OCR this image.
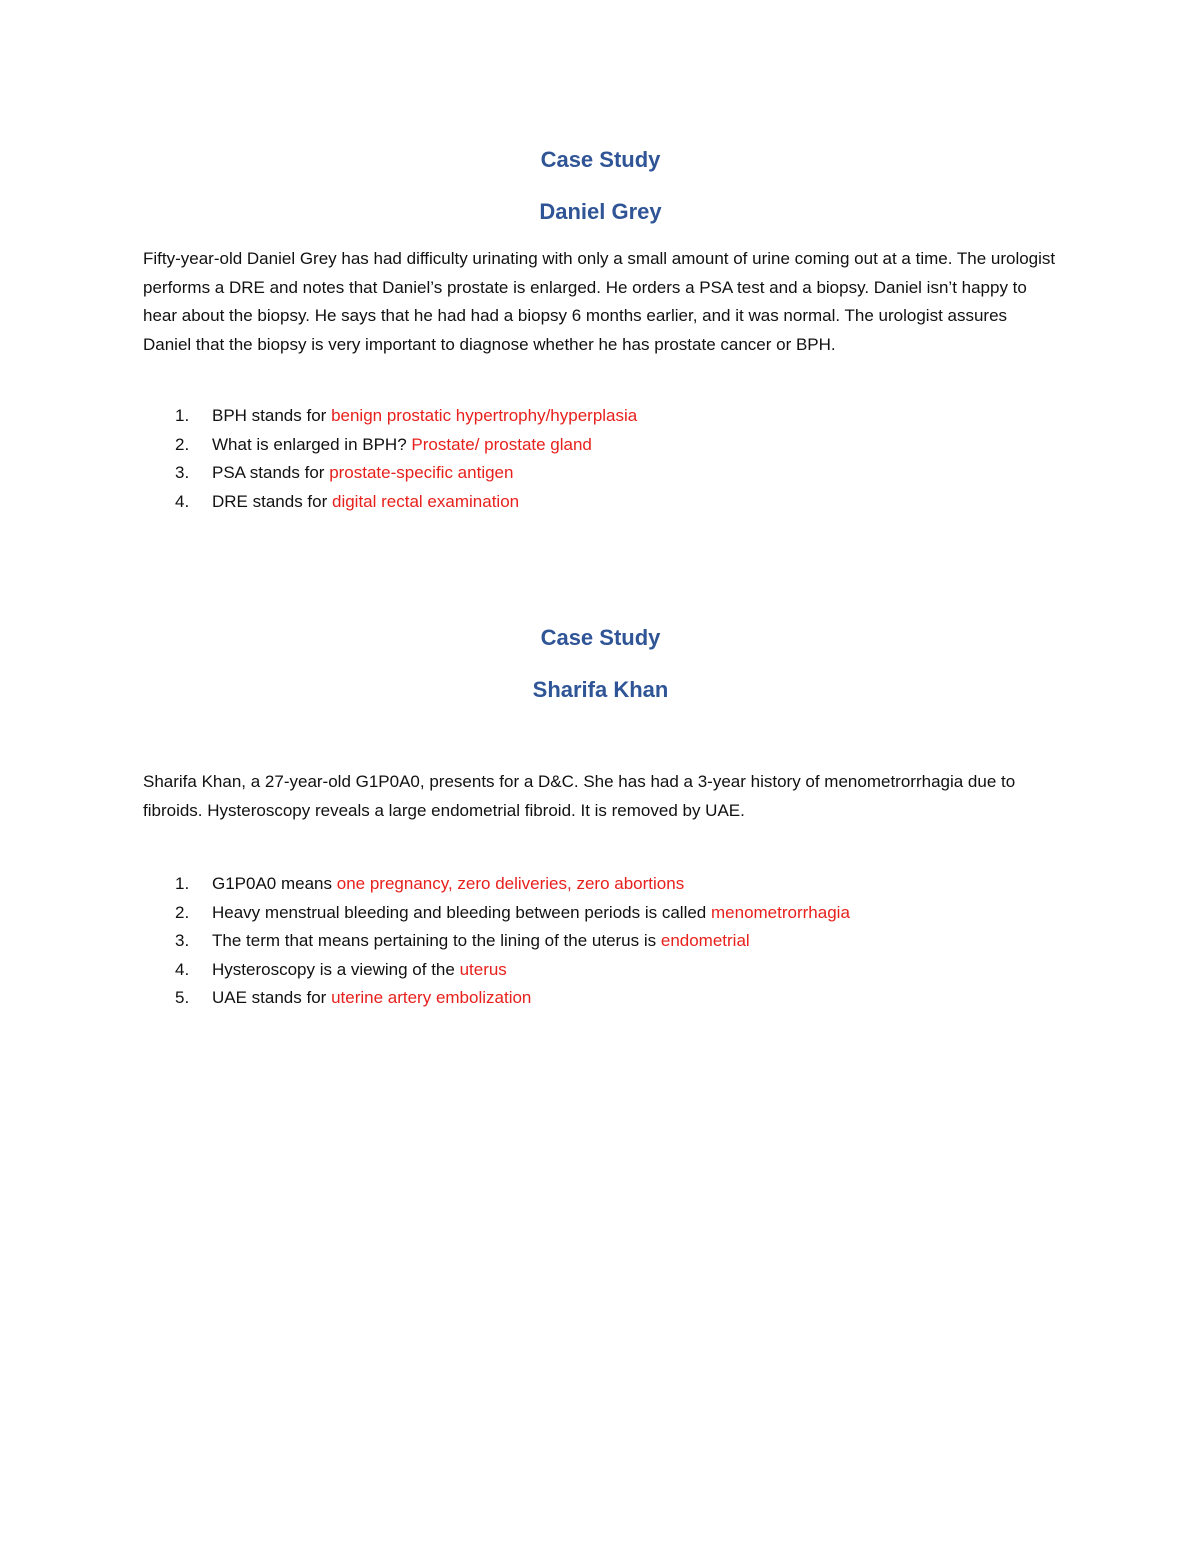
Case Study
Daniel Grey

Fifty-year-old Daniel Grey has had difficulty urinating with only a small amount of urine coming out at a time. The urologist performs a DRE and notes that Daniel’s prostate is enlarged. He orders a PSA test and a biopsy. Daniel isn’t happy to hear about the biopsy. He says that he had had a biopsy 6 months earlier, and it was normal. The urologist assures Daniel that the biopsy is very important to diagnose whether he has prostate cancer or BPH.

1. BPH stands for benign prostatic hypertrophy/hyperplasia
2. What is enlarged in BPH? Prostate/ prostate gland
3. PSA stands for prostate-specific antigen
4. DRE stands for digital rectal examination
Case Study
Sharifa Khan

Sharifa Khan, a 27-year-old G1P0A0, presents for a D&C. She has had a 3-year history of menometrorrhagia due to fibroids. Hysteroscopy reveals a large endometrial fibroid. It is removed by UAE.

1. G1P0A0 means one pregnancy, zero deliveries, zero abortions
2. Heavy menstrual bleeding and bleeding between periods is called menometrorrhagia
3. The term that means pertaining to the lining of the uterus is endometrial
4. Hysteroscopy is a viewing of the uterus
5. UAE stands for uterine artery embolization
